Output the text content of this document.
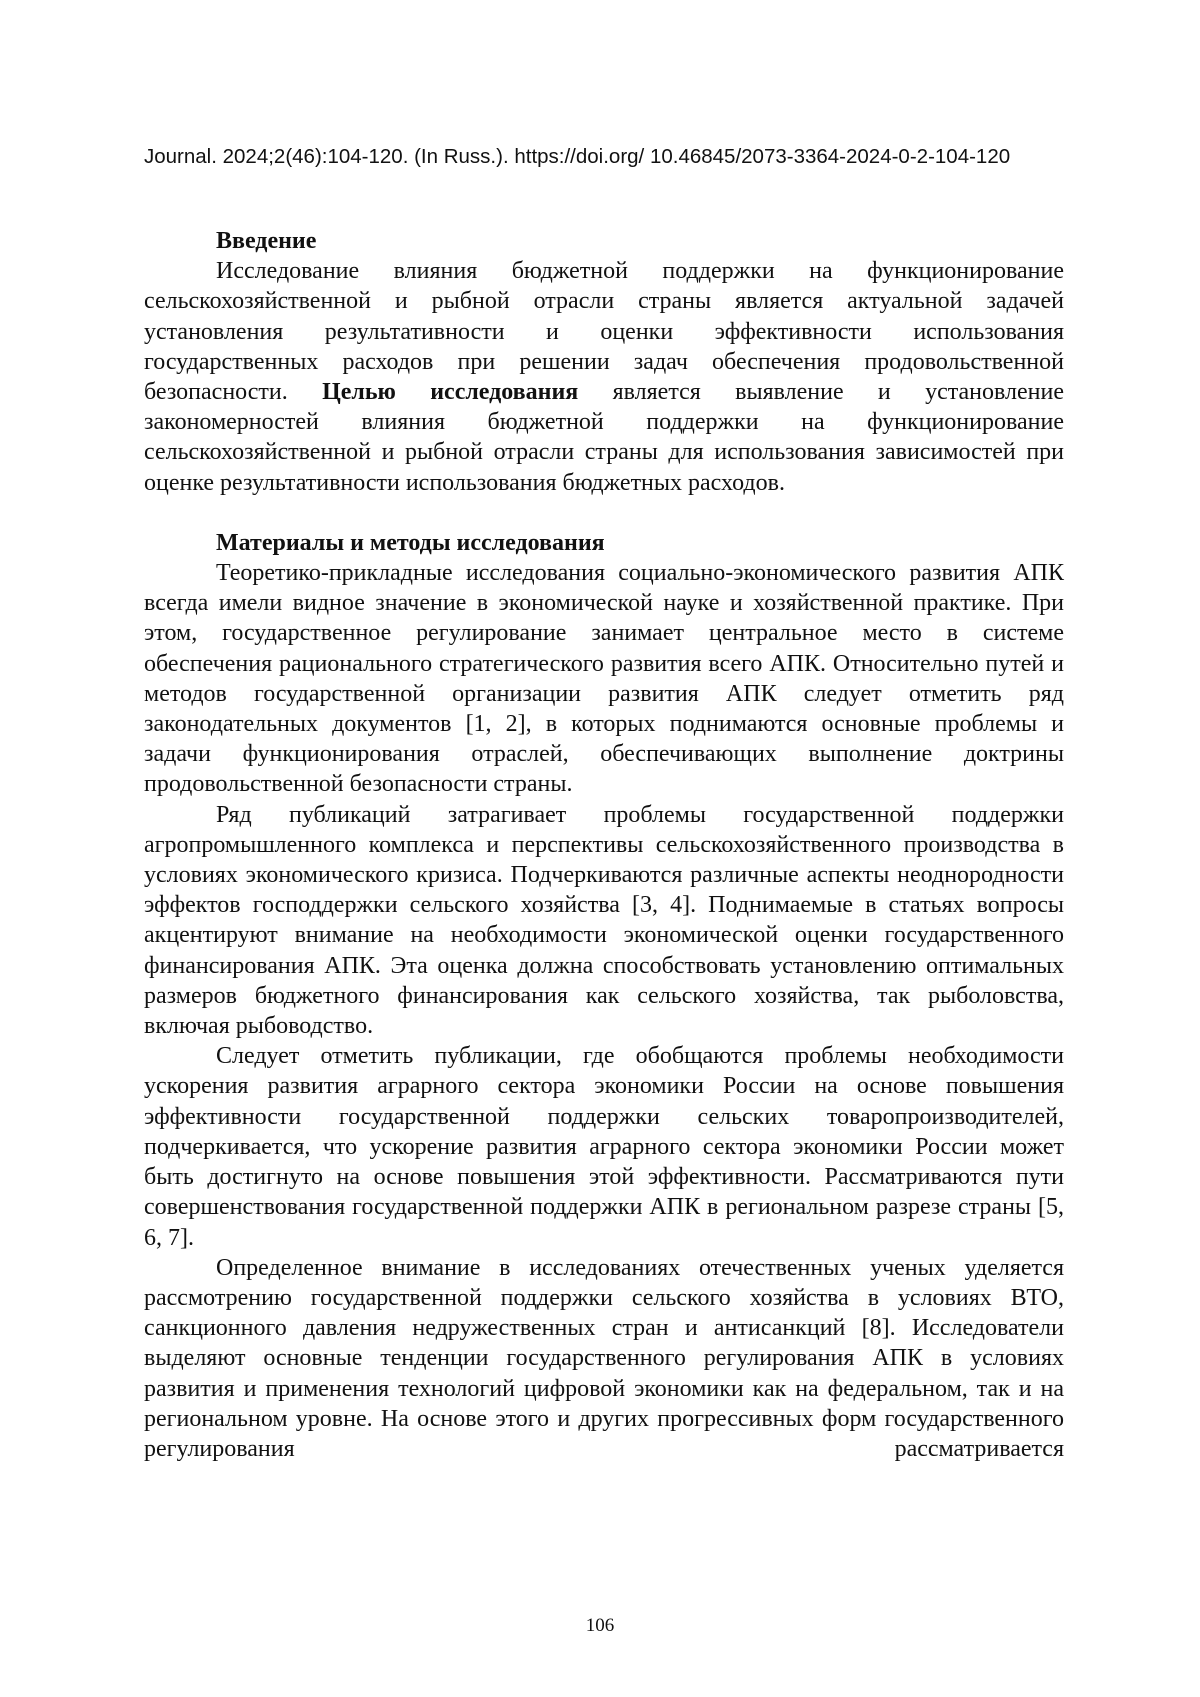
Journal. 2024;2(46):104-120. (In Russ.). https://doi.org/ 10.46845/2073-3364-2024-0-2-104-120

Введение

Исследование влияния бюджетной поддержки на функционирование сельскохозяйственной и рыбной отрасли страны является актуальной задачей установления результативности и оценки эффективности использования государственных расходов при решении задач обеспечения продовольственной безопасности. Целью исследования является выявление и установление закономерностей влияния бюджетной поддержки на функционирование сельскохозяйственной и рыбной отрасли страны для использования зависимостей при оценке результативности использования бюджетных расходов.

Материалы и методы исследования

Теоретико-прикладные исследования социально-экономического развития АПК всегда имели видное значение в экономической науке и хозяйственной практике. При этом, государственное регулирование занимает центральное место в системе обеспечения рационального стратегического развития всего АПК. Относительно путей и методов государственной организации развития АПК следует отметить ряд законодательных документов [1, 2], в которых поднимаются основные проблемы и задачи функционирования отраслей, обеспечивающих выполнение доктрины продовольственной безопасности страны.

Ряд публикаций затрагивает проблемы государственной поддержки агропромышленного комплекса и перспективы сельскохозяйственного производства в условиях экономического кризиса. Подчеркиваются различные аспекты неоднородности эффектов господдержки сельского хозяйства [3, 4]. Поднимаемые в статьях вопросы акцентируют внимание на необходимости экономической оценки государственного финансирования АПК. Эта оценка должна способствовать установлению оптимальных размеров бюджетного финансирования как сельского хозяйства, так рыболовства, включая рыбоводство.

Следует отметить публикации, где обобщаются проблемы необходимости ускорения развития аграрного сектора экономики России на основе повышения эффективности государственной поддержки сельских товаропроизводителей, подчеркивается, что ускорение развития аграрного сектора экономики России может быть достигнуто на основе повышения этой эффективности. Рассматриваются пути совершенствования государственной поддержки АПК в региональном разрезе страны [5, 6, 7].

Определенное внимание в исследованиях отечественных ученых уделяется рассмотрению государственной поддержки сельского хозяйства в условиях ВТО, санкционного давления недружественных стран и антисанкций [8]. Исследователи выделяют основные тенденции государственного регулирования АПК в условиях развития и применения технологий цифровой экономики как на федеральном, так и на региональном уровне. На основе этого и других прогрессивных форм государственного регулирования рассматривается

106
